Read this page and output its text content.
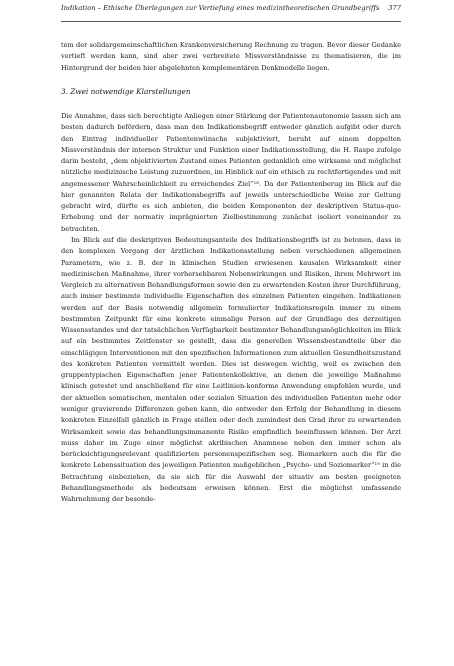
Indikation – Ethische Überlegungen zur Vertiefung eines medizintheoretischen Grundbegriffs 377

tem der solidargemeinschaftlichen Krankenversicherung Rechnung zu tragen. Bevor dieser Gedanke vertieft werden kann, sind aber zwei verbreitete Missverständnisse zu thematisieren, die im Hintergrund der beiden hier abgelehnten komplementären Denkmodelle liegen.

3. Zwei notwendige Klarstellungen

Die Annahme, dass sich berechtigte Anliegen einer Stärkung der Patientenautonomie lassen sich am besten dadurch befördern, dass man den Indikationsbegriff entweder gänzlich aufgibt oder durch den Eintrag individueller Patientenwünsche subjektiviert, beruht auf einem doppelten Missverständnis der internen Struktur und Funktion einer Indikationsstellung, die H. Raspe zufolge darin besteht, „dem objektivierten Zustand eines Patienten gedanklich eine wirksame und möglichst nützliche medizinische Leistung zuzuordnen, im Hinblick auf ein ethisch zu rechtfertigendes und mit angemessener Wahrscheinlichkeit zu erreichendes Ziel“¹⁸. Da der Patientenberug im Blick auf die hier genannten Relata der Indikationsbegriffs auf jeweils unterschiedliche Weise zur Geltung gebracht wird, dürfte es sich anbieten, die beiden Komponenten der deskriptiven Status-quo-Erhebung und der normativ imprägnierten Zielbestimmung zunächst isoliert voneinander zu betrachten.

Im Blick auf die deskriptiven Bedeutungsanteile des Indikationsbegriffs ist zu betonen, dass in den komplexen Vorgang der ärztlichen Indikationsstellung neben verschiedenen allgemeinen Parametern, wie z. B. der in klinischen Studien erwiesenen kausalen Wirksamkeit einer medizinischen Maßnahme, ihrer vorhersehbaren Nebenwirkungen und Risiken, ihrem Mehrwert im Vergleich zu alternativen Behandlungsformen sowie den zu erwartenden Kosten ihrer Durchführung, auch immer bestimmte individuelle Eigenschaften des einzelnen Patienten eingehen. Indikationen werden auf der Basis notwendig allgemein formulierter Indikationsregeln immer zu einem bestimmten Zeitpunkt für eine konkrete einmalige Person auf der Grundlage des derzeitigen Wissensstandes und der tatsächlichen Verfügbarkeit bestimmter Behandlungsmöglichkeiten im Blick auf ein bestimmtes Zeitfenster so gestellt, dass die generellen Wissensbestandteile über die einschlägigen Interventionen mit den spezifischen Informationen zum aktuellen Gesundheitszustand des konkreten Patienten vermittelt werden. Dies ist deswegen wichtig, weil es zwischen den gruppentypischen Eigenschaften jener Patientenkollektive, an denen die jeweilige Maßnahme klinisch getestet und anschließend für eine Leitlinien-konforme Anwendung empfohlen wurde, und der aktuellen somatischen, mentalen oder sozialen Situation des individuellen Patienten mehr oder weniger gravierende Differenzen geben kann, die entweder den Erfolg der Behandlung in diesem konkreten Einzelfall gänzlich in Frage stellen oder doch zumindest den Grad ihrer zu erwartenden Wirksamkeit sowie das behandlungsimmanente Risiko empfindlich beeinflussen können. Der Arzt muss daher im Zuge einer möglichst akribischen Anamnese neben den immer schon als berücksichtigungsrelevant qualifizierten personenspezifischen sog. Biomarkern auch die für die konkrete Lebenssituation des jeweiligen Patienten maßgeblichen „Psycho- und Soziomarker“¹⁹ in die Betrachtung einbeziehen, da sie sich für die Auswahl der situativ am besten geeigneten Behandlungsmethode als bedeutsam erweisen können. Erst die möglichst umfassende Wahrnehmung der besonde-
